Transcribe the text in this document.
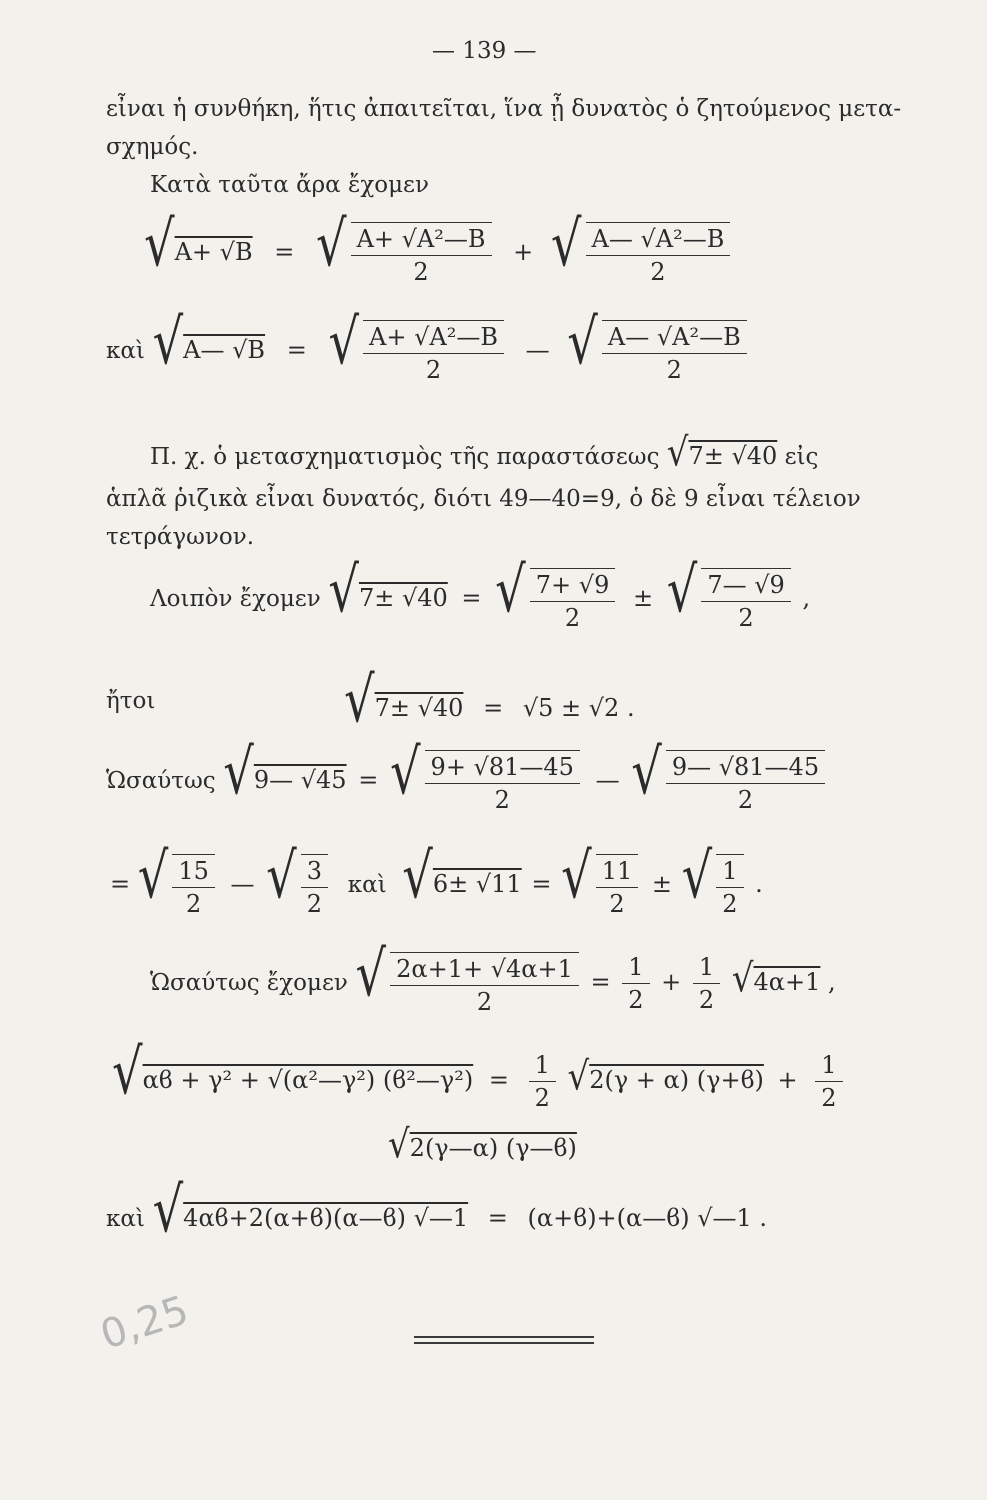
— 139 —
εἶναι ἡ συνθήκη, ἥτις ἀπαιτεῖται, ἵνα ᾖ δυνατὸς ὁ ζητούμενος μετα-
σχημός.
Κατὰ ταῦτα ἄρα ἔχομεν
√A+ √B = √ $\frac{\text{A+ √A²—B}}{2}$ + √ $\frac{\text{A— √A²—B}}{2}$
καὶ √A— √B = √ $\frac{\text{A+ √A²—B}}{2}$ — √ $\frac{\text{A— √A²—B}}{2}$
Π. χ. ὁ μετασχηματισμὸς τῆς παραστάσεως √7± √40 εἰς
ἁπλᾶ ῥιζικὰ εἶναι δυνατός, διότι 49—40=9, ὁ δὲ 9 εἶναι τέλειον
τετράγωνον.
Λοιπὸν ἔχομεν √7± √40 = √ $\frac{7+ √9}{2}$ ± √ $\frac{7— √9}{2}$ ,
ἤτοι	√7± √40 = √5 ± √2 .
Ὡσαύτως √9— √45 = √ $\frac{9+ √81—45}{2}$ — √ $\frac{9— √81—45}{2}$
= √ $\frac{15}{2}$ — √ $\frac{3}{2}$ καὶ √6± √11 = √ $\frac{11}{2}$ ± √ $\frac{1}{2}$ .
Ὡσαύτως ἔχομεν √ $\frac{2\alpha+1+ √4\alpha+1}{2} = \frac{1}{2} + \frac{1}{2} √4\alpha+1$ ,
√αϐ + γ² + √(α²—γ²) (ϐ²—γ²) = $\frac{1}{2} √2(\gamma + \alpha) (\gamma+ϐ) + \frac{1}{2}$
√2(γ—α) (γ—ϐ)
καὶ √4αϐ+2(α+ϐ)(α—ϐ) √—1 = (α+ϐ)+(α—ϐ) √—1 .
0,25
